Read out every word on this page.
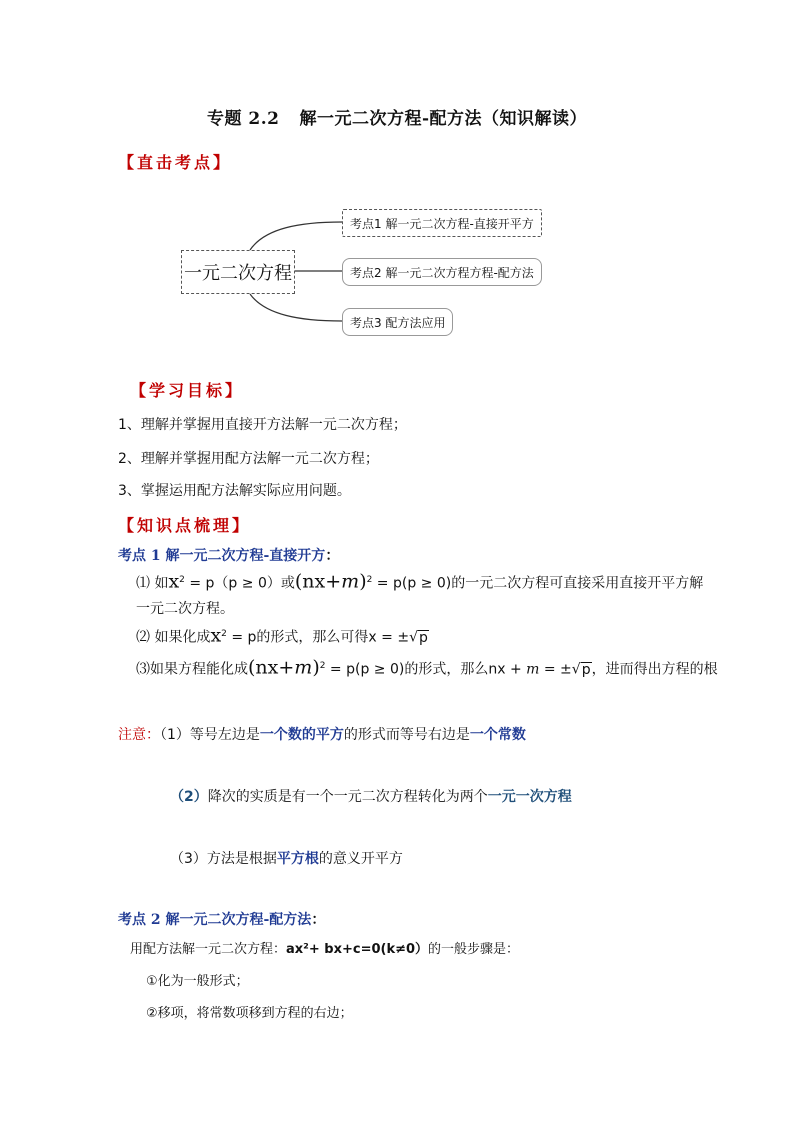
专题 2.2 解一元二次方程-配方法（知识解读）
【直击考点】
一元二次方程
考点1 解一元二次方程-直接开平方
考点2 解一元二次方程方程-配方法
考点3 配方法应用
【学习目标】
1、理解并掌握用直接开方法解一元二次方程；
2、理解并掌握用配方法解一元二次方程；
3、掌握运用配方法解实际应用问题。
【知识点梳理】
考点 1 解一元二次方程-直接开方：
⑴ 如$x^2 = p(p \ge 0)$或$(nx+m)^2 = p(p \ge 0)$的一元二次方程可直接采用直接开平方解
一元二次方程。
⑵ 如果化成$x^2 = p$的形式，那么可得x = ±√p
⑶如果方程能化成$(nx+m)^2 = p(p \ge 0)$的形式，那么nx + m = ±√p，进而得出方程的根
注意：（1）等号左边是一个数的平方的形式而等号右边是一个常数
（2）降次的实质是有一个一元二次方程转化为两个一元一次方程
（3）方法是根据平方根的意义开平方
考点 2 解一元二次方程-配方法：
用配方法解一元二次方程：ax²+ bx+c=0(k≠0）的一般步骤是：
①化为一般形式；
②移项，将常数项移到方程的右边；
